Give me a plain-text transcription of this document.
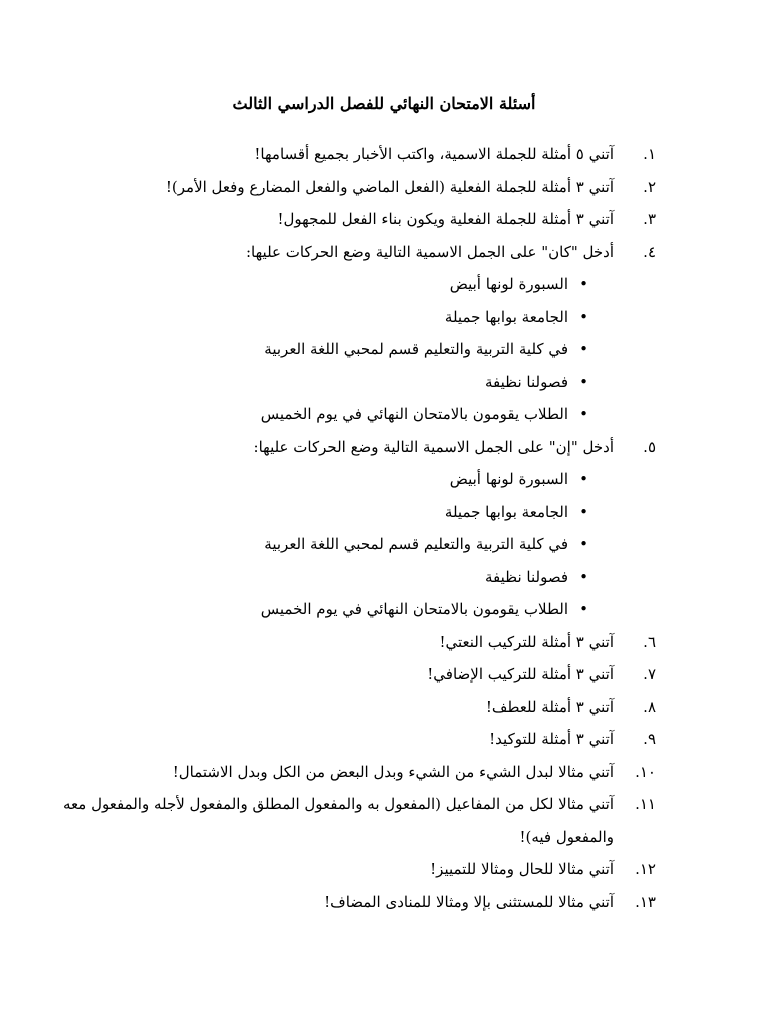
أسئلة الامتحان النهائي للفصل الدراسي الثالث
١.
آتني ٥ أمثلة للجملة الاسمية، واكتب الأخبار بجميع أقسامها!
٢.
آتني ٣ أمثلة للجملة الفعلية (الفعل الماضي والفعل المضارع وفعل الأمر)!
٣.
آتني ٣ أمثلة للجملة الفعلية ويكون بناء الفعل للمجهول!
٤.
أدخل "كان" على الجمل الاسمية التالية وضع الحركات عليها:
•
السبورة لونها أبيض
•
الجامعة بوابها جميلة
•
في كلية التربية والتعليم قسم لمحبي اللغة العربية
•
فصولنا نظيفة
•
الطلاب يقومون بالامتحان النهائي في يوم الخميس
٥.
أدخل "إن" على الجمل الاسمية التالية وضع الحركات عليها:
•
السبورة لونها أبيض
•
الجامعة بوابها جميلة
•
في كلية التربية والتعليم قسم لمحبي اللغة العربية
•
فصولنا نظيفة
•
الطلاب يقومون بالامتحان النهائي في يوم الخميس
٦.
آتني ٣ أمثلة للتركيب النعتي!
٧.
آتني ٣ أمثلة للتركيب الإضافي!
٨.
آتني ٣ أمثلة للعطف!
٩.
آتني ٣ أمثلة للتوكيد!
١٠.
آتني مثالا لبدل الشيء من الشيء وبدل البعض من الكل وبدل الاشتمال!
١١.
آتني مثالا لكل من المفاعيل (المفعول به والمفعول المطلق والمفعول لأجله والمفعول معه والمفعول فيه)!
١٢.
آتني مثالا للحال ومثالا للتمييز!
١٣.
آتني مثالا للمستثنى بإلا ومثالا للمنادى المضاف!
